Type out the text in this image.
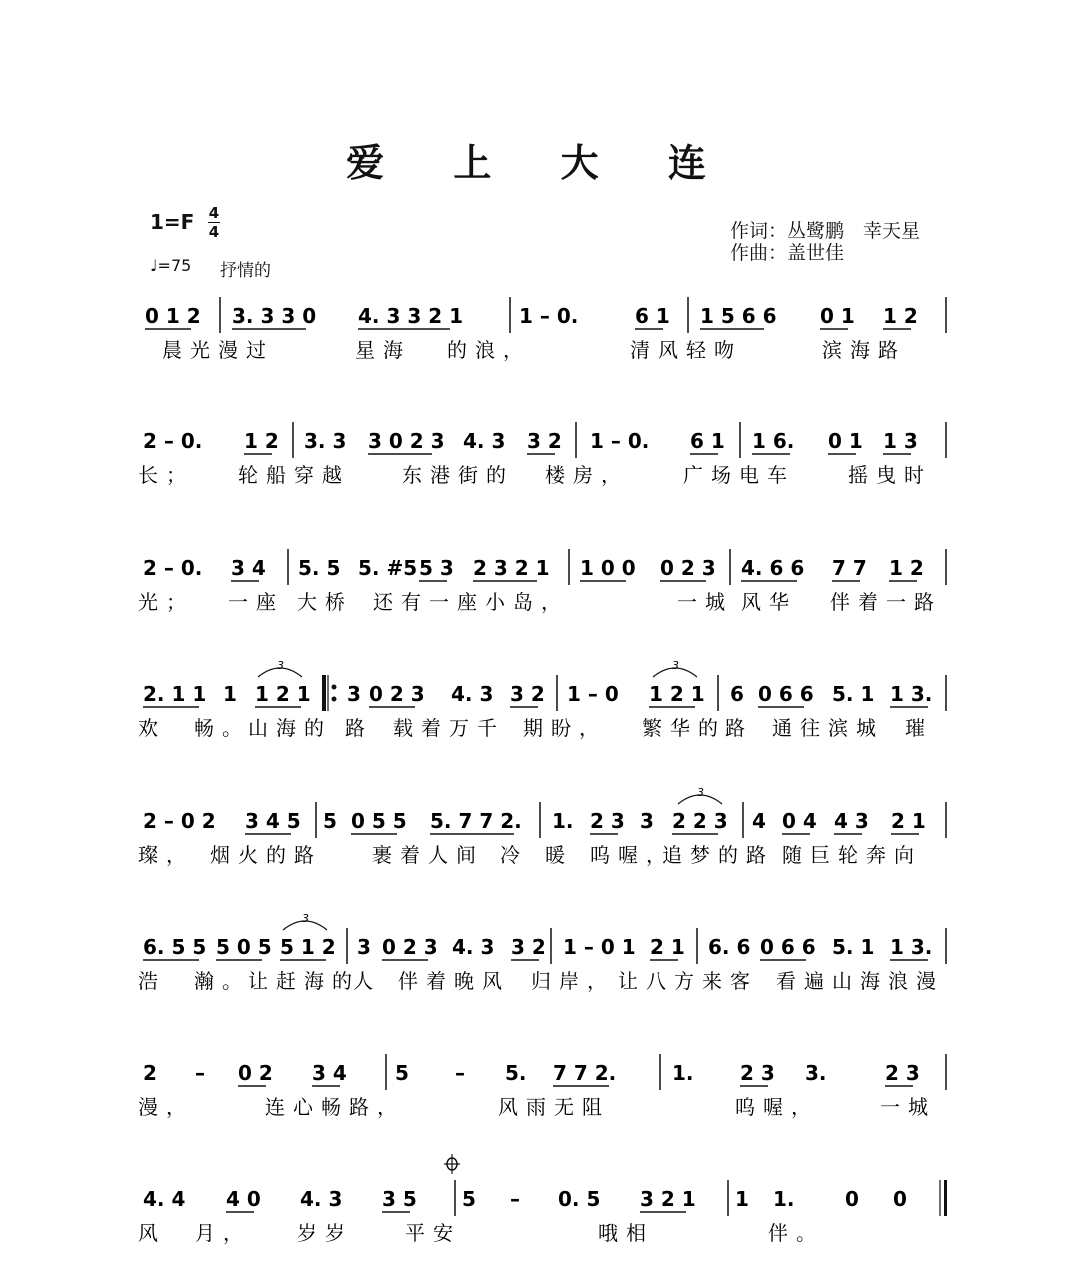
爱 上 大 连
1=F 4
4
♩=75 抒情的
作词：丛鹭鹏　幸天星
作曲：盖世佳
0 1 2 3. 3 3 0 4. 3 3 2 1	1 – 0.	6 1 1 5 6 6 0 1 1 2
晨光漫过	星海 的浪，	清风轻吻	滨海路
2 – 0. 1 2 3. 3 3 0 2 3 4. 3 3 2 1 – 0. 6 1 1 6. 0 1 1 3
长； 轮船穿越	东港街的 楼房，	广场电车	摇曳时
2 – 0. 3 4 5. 5 5. #5 5 3 2 3 2 1 1 0 0 0 2 3 4. 6 6 7 7 1 2
光； 一座 大桥 还有一座小岛，	一城 风华 伴着一路
2. 1 1 1 1 2 1 3 0 2 3 4. 3 3 2 1 – 0 1 2 1 6 0 6 6 5. 1 1 3.
3	3
欢　畅。
山海的 路 载着万千 期盼， 繁华的 路 通往滨城 璀
2 – 0 2 3 4 5 5 0 5 5 5. 7 7 2. 1. 2 3 3 2 2 3 4 0 4 4 3 2 1
3
璨， 烟火的路	裹着人间 冷 暖 呜喔，
追梦的路 随巨轮奔向
6. 5 5 5 0 5 5 1 2 3 0 2 3 4. 3 3 2 1 – 0 1 2 1 6. 6 0 6 6 5. 1 1 3.
3
浩　瀚。
让赶海的
人 伴着晚风 归岸， 让八方来客 看遍山海浪漫
2 – 0 2 3 4 5 – 5. 7 7 2.	1. 2 3 3.	2 3
漫，	连心畅路，	风雨无阻	呜喔，	一城
4. 4 4 0 4. 3 3 5 5 – 0. 5 3 2 1 1 1.	0 0
风 月， 岁岁	平安	哦相	伴。
